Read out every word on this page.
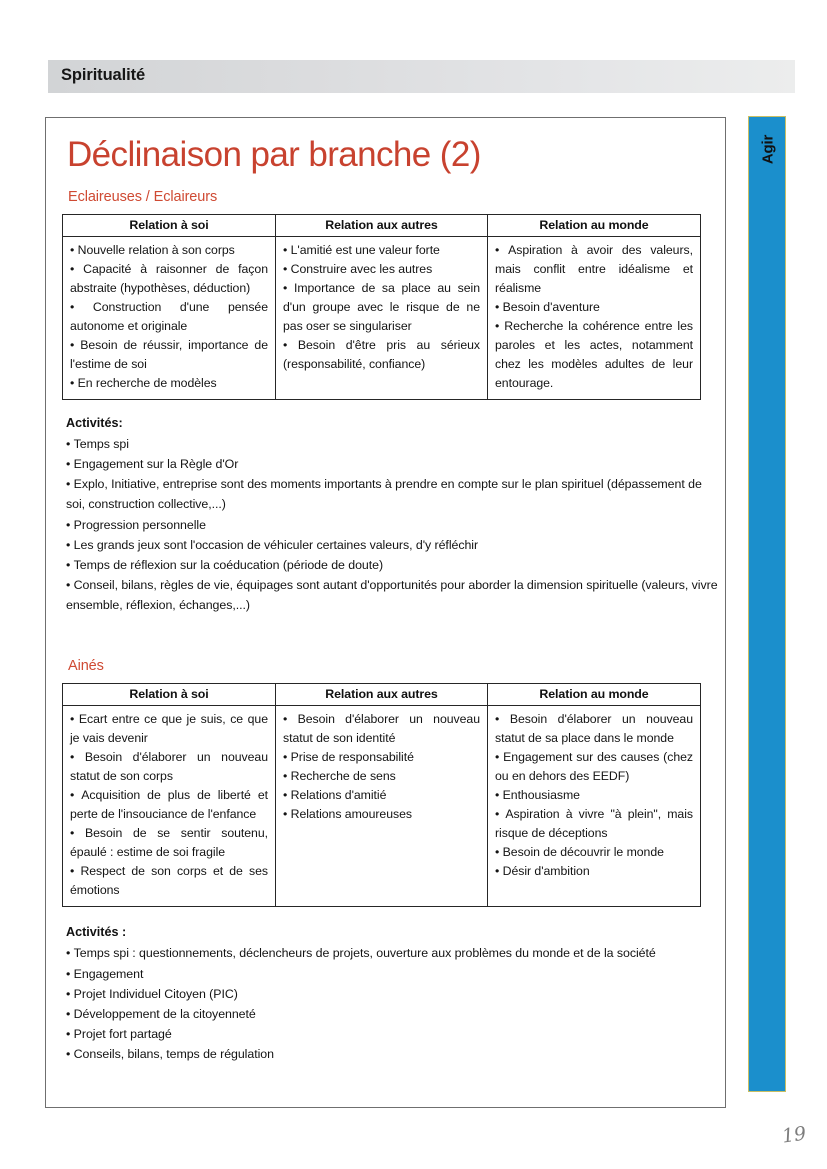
Spiritualité
Agir
Déclinaison par branche (2)
Eclaireuses / Eclaireurs
Relation à soi	Relation aux autres	Relation au monde

• Nouvelle relation à son corps
• Capacité à raisonner de façon abstraite (hypothèses, déduction)
• Construction d'une pensée autonome et originale
• Besoin de réussir, importance de l'estime de soi
• En recherche de modèles

• L'amitié est une valeur forte
• Construire avec les autres
• Importance de sa place au sein d'un groupe avec le risque de ne pas oser se singulariser
• Besoin d'être pris au sérieux (responsabilité, confiance)

• Aspiration à avoir des valeurs, mais conflit entre idéalisme et réalisme
• Besoin d'aventure
• Recherche la cohérence entre les paroles et les actes, notamment chez les modèles adultes de leur entourage.
Activités:
• Temps spi
• Engagement sur la Règle d'Or
• Explo, Initiative, entreprise sont des moments importants à prendre en compte sur le plan spirituel (dépassement de soi, construction collective,...)
• Progression personnelle
• Les grands jeux sont l'occasion de véhiculer certaines valeurs, d'y réfléchir
• Temps de réflexion sur la coéducation (période de doute)
• Conseil, bilans, règles de vie, équipages sont autant d'opportunités pour aborder la dimension spirituelle (valeurs, vivre ensemble, réflexion, échanges,...)
Ainés
Relation à soi	Relation aux autres	Relation au monde

• Ecart entre ce que je suis, ce que je vais devenir
• Besoin d'élaborer un nouveau statut de son corps
• Acquisition de plus de liberté et perte de l'insouciance de l'enfance
• Besoin de se sentir soutenu, épaulé : estime de soi fragile
• Respect de son corps et de ses émotions

• Besoin d'élaborer un nouveau statut de son identité
• Prise de responsabilité
• Recherche de sens
• Relations d'amitié
• Relations amoureuses

• Besoin d'élaborer un nouveau statut de sa place dans le monde
• Engagement sur des causes (chez ou en dehors des EEDF)
• Enthousiasme
• Aspiration à vivre "à plein", mais risque de déceptions
• Besoin de découvrir le monde
• Désir d'ambition
Activités :
• Temps spi : questionnements, déclencheurs de projets, ouverture aux problèmes du monde et de la société
• Engagement
• Projet Individuel Citoyen (PIC)
• Développement de la citoyenneté
• Projet fort partagé
• Conseils, bilans, temps de régulation
19
